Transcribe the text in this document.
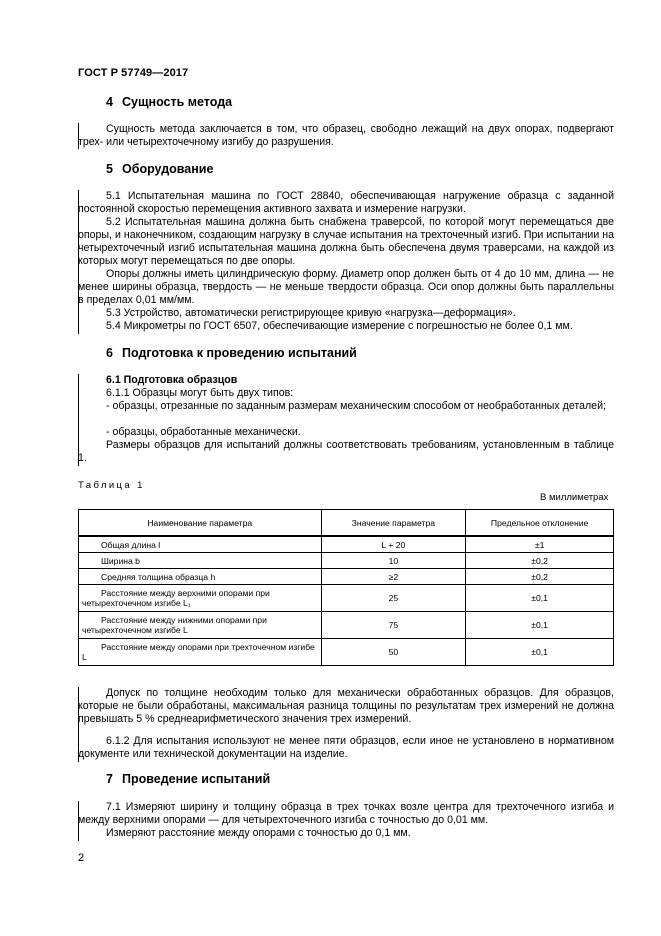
ГОСТ Р 57749—2017
4 Сущность метода

Сущность метода заключается в том, что образец, свободно лежащий на двух опорах, подвергают трех- или четырехточечному изгибу до разрушения.

5 Оборудование

5.1 Испытательная машина по ГОСТ 28840, обеспечивающая нагружение образца с заданной постоянной скоростью перемещения активного захвата и измерение нагрузки.

5.2 Испытательная машина должна быть снабжена траверсой, по которой могут перемещаться две опоры, и наконечником, создающим нагрузку в случае испытания на трехточечный изгиб. При испытании на четырехточечный изгиб испытательная машина должна быть обеспечена двумя траверсами, на каждой из которых могут перемещаться по две опоры.

Опоры должны иметь цилиндрическую форму. Диаметр опор должен быть от 4 до 10 мм, длина — не менее ширины образца, твердость — не меньше твердости образца. Оси опор должны быть параллельны в пределах 0,01 мм/мм.

5.3 Устройство, автоматически регистрирующее кривую «нагрузка—деформация».

5.4 Микрометры по ГОСТ 6507, обеспечивающие измерение с погрешностью не более 0,1 мм.

6 Подготовка к проведению испытаний
6.1 Подготовка образцов

6.1.1 Образцы могут быть двух типов:

- образцы, отрезанные по заданным размерам механическим способом от необработанных деталей;

- образцы, обработанные механически.

Размеры образцов для испытаний должны соответствовать требованиям, установленным в таблице 1.

Таблица 1
В миллиметрах
Наименование параметра	Значение параметра	Предельное отклонение
Общая длина l	L + 20	±1
Ширина b	10	±0,2
Средняя толщина образца h	≥2	±0,2
Расстояние между верхними опорами при четырехточечном изгибе L₁	25	±0,1
Расстояние между нижними опорами при четырехточечном изгибе L	75	±0,1
Расстояние между опорами при трехточечном изгибе L	50	±0,1

Допуск по толщине необходим только для механически обработанных образцов. Для образцов, которые не были обработаны, максимальная разница толщины по результатам трех измерений не должна превышать 5 % среднеарифметического значения трех измерений.

6.1.2 Для испытания используют не менее пяти образцов, если иное не установлено в нормативном документе или технической документации на изделие.

7 Проведение испытаний

7.1 Измеряют ширину и толщину образца в трех точках возле центра для трехточечного изгиба и между верхними опорами — для четырехточечного изгиба с точностью до 0,01 мм.

Измеряют расстояние между опорами с точностью до 0,1 мм.

2
